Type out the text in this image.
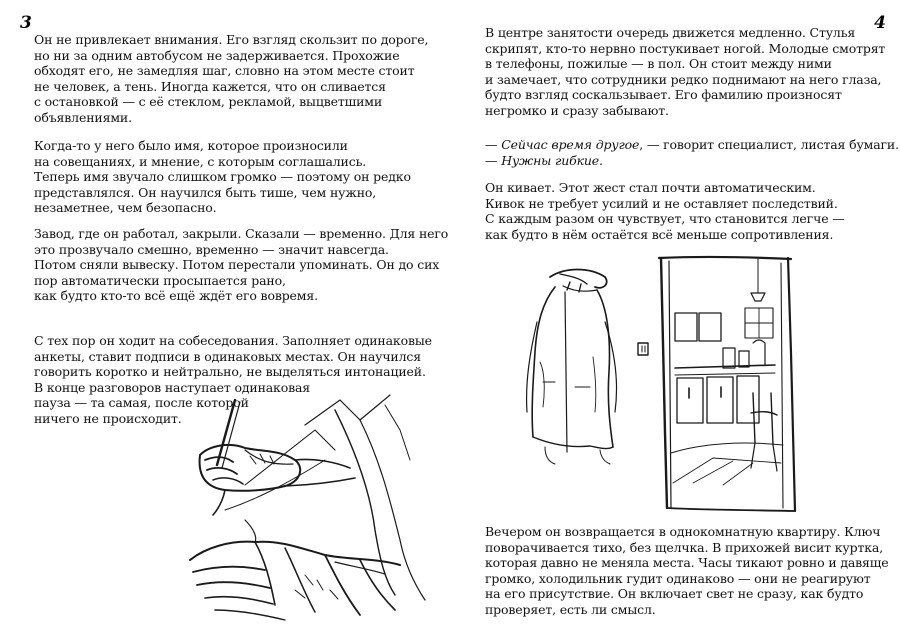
3
Он не привлекает внимания. Его взгляд скользит по дороге,
но ни за одним автобусом не задерживается. Прохожие
обходят его, не замедляя шаг, словно на этом месте стоит
не человек, а тень. Иногда кажется, что он сливается
с остановкой — с её стеклом, рекламой, выцветшими
объявлениями.
Когда-то у него было имя, которое произносили
на совещаниях, и мнение, с которым соглашались.
Теперь имя звучало слишком громко — поэтому он редко
представлялся. Он научился быть тише, чем нужно,
незаметнее, чем безопасно.
Завод, где он работал, закрыли. Сказали — временно. Для него
это прозвучало смешно, временно — значит навсегда.
Потом сняли вывеску. Потом перестали упоминать. Он до сих
пор автоматически просыпается рано,
как будто кто-то всё ещё ждёт его вовремя.
С тех пор он ходит на собеседования. Заполняет одинаковые
анкеты, ставит подписи в одинаковых местах. Он научился
говорить коротко и нейтрально, не выделяться интонацией.
В конце разговоров наступает одинаковая
пауза — та самая, после которой
ничего не происходит.
4
В центре занятости очередь движется медленно. Стулья
скрипят, кто-то нервно постукивает ногой. Молодые смотрят
в телефоны, пожилые — в пол. Он стоит между ними
и замечает, что сотрудники редко поднимают на него глаза,
будто взгляд соскальзывает. Его фамилию произносят
негромко и сразу забывают.
— Сейчас время другое, — говорит специалист, листая бумаги.
— Нужны гибкие.
Он кивает. Этот жест стал почти автоматическим.
Кивок не требует усилий и не оставляет последствий.
С каждым разом он чувствует, что становится легче —
как будто в нём остаётся всё меньше сопротивления.
Вечером он возвращается в однокомнатную квартиру. Ключ
поворачивается тихо, без щелчка. В прихожей висит куртка,
которая давно не меняла места. Часы тикают ровно и давяще
громко, холодильник гудит одинаково — они не реагируют
на его присутствие. Он включает свет не сразу, как будто
проверяет, есть ли смысл.
